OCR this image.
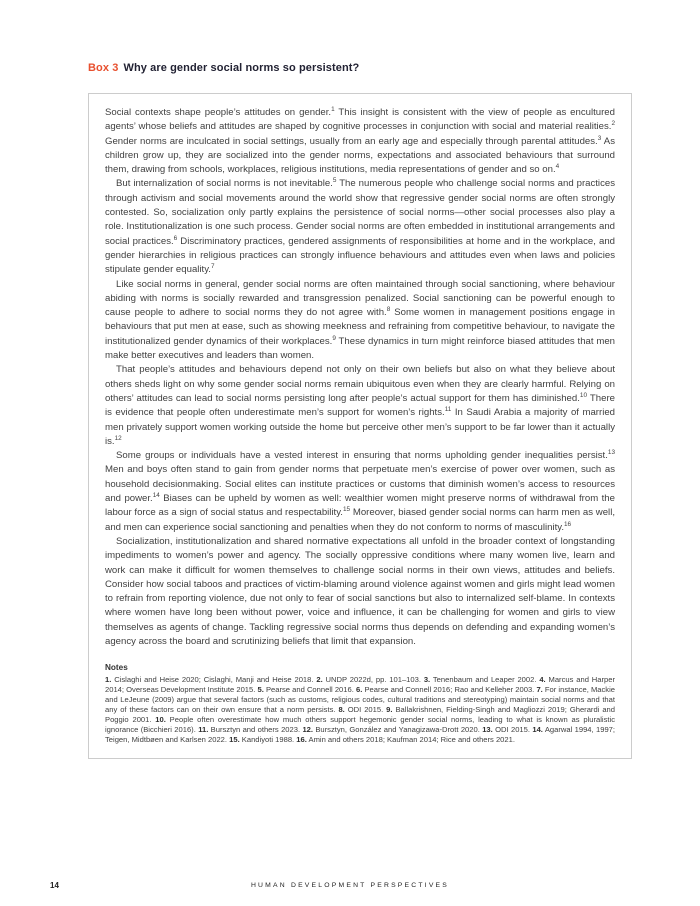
Box 3 Why are gender social norms so persistent?

Social contexts shape people’s attitudes on gender.$^1$ This insight is consistent with the view of people as encultured agents’ whose beliefs and attitudes are shaped by cognitive processes in conjunction with social and material realities.$^2$ Gender norms are inculcated in social settings, usually from an early age and especially through parental attitudes.$^3$ As children grow up, they are socialized into the gender norms, expectations and associated behaviours that surround them, drawing from schools, workplaces, religious institutions, media representations of gender and so on.$^4$

But internalization of social norms is not inevitable.$^5$ The numerous people who challenge social norms and practices through activism and social movements around the world show that regressive gender social norms are often strongly contested. So, socialization only partly explains the persistence of social norms—other social processes also play a role. Institutionalization is one such process. Gender social norms are often embedded in institutional arrangements and social practices.$^6$ Discriminatory practices, gendered assignments of responsibilities at home and in the workplace, and gender hierarchies in religious practices can strongly influence behaviours and attitudes even when laws and policies stipulate gender equality.$^7$

Like social norms in general, gender social norms are often maintained through social sanctioning, where behaviour abiding with norms is socially rewarded and transgression penalized. Social sanctioning can be powerful enough to cause people to adhere to social norms they do not agree with.$^8$ Some women in management positions engage in behaviours that put men at ease, such as showing meekness and refraining from competitive behaviour, to navigate the institutionalized gender dynamics of their workplaces.$^9$ These dynamics in turn might reinforce biased attitudes that men make better executives and leaders than women.

That people’s attitudes and behaviours depend not only on their own beliefs but also on what they believe about others sheds light on why some gender social norms remain ubiquitous even when they are clearly harmful. Relying on others’ attitudes can lead to social norms persisting long after people’s actual support for them has diminished.$^{10}$ There is evidence that people often underestimate men’s support for women’s rights.$^{11}$ In Saudi Arabia a majority of married men privately support women working outside the home but perceive other men’s support to be far lower than it actually is.$^{12}$

Some groups or individuals have a vested interest in ensuring that norms upholding gender inequalities persist.$^{13}$ Men and boys often stand to gain from gender norms that perpetuate men’s exercise of power over women, such as household decisionmaking. Social elites can institute practices or customs that diminish women’s access to resources and power.$^{14}$ Biases can be upheld by women as well: wealthier women might preserve norms of withdrawal from the labour force as a sign of social status and respectability.$^{15}$ Moreover, biased gender social norms can harm men as well, and men can experience social sanctioning and penalties when they do not conform to norms of masculinity.$^{16}$

Socialization, institutionalization and shared normative expectations all unfold in the broader context of longstanding impediments to women’s power and agency. The socially oppressive conditions where many women live, learn and work can make it difficult for women themselves to challenge social norms in their own views, attitudes and beliefs. Consider how social taboos and practices of victim-blaming around violence against women and girls might lead women to refrain from reporting violence, due not only to fear of social sanctions but also to internalized self-blame. In contexts where women have long been without power, voice and influence, it can be challenging for women and girls to view themselves as agents of change. Tackling regressive social norms thus depends on defending and expanding women’s agency across the board and scrutinizing beliefs that limit that expansion.

Notes

1. Cislaghi and Heise 2020; Cislaghi, Manji and Heise 2018. 2. UNDP 2022d, pp. 101–103. 3. Tenenbaum and Leaper 2002. 4. Marcus and Harper 2014; Overseas Development Institute 2015. 5. Pearse and Connell 2016. 6. Pearse and Connell 2016; Rao and Kelleher 2003. 7. For instance, Mackie and LeJeune (2009) argue that several factors (such as customs, religious codes, cultural traditions and stereotyping) maintain social norms and that any of these factors can on their own ensure that a norm persists. 8. ODI 2015. 9. Ballakrishnen, Fielding-Singh and Magliozzi 2019; Gherardi and Poggio 2001. 10. People often overestimate how much others support hegemonic gender social norms, leading to what is known as pluralistic ignorance (Bicchieri 2016). 11. Bursztyn and others 2023. 12. Bursztyn, González and Yanagizawa-Drott 2020. 13. ODI 2015. 14. Agarwal 1994, 1997; Teigen, Midtbøen and Karlsen 2022. 15. Kandiyoti 1988. 16. Amin and others 2018; Kaufman 2014; Rice and others 2021.

14	HUMAN DEVELOPMENT PERSPECTIVES
